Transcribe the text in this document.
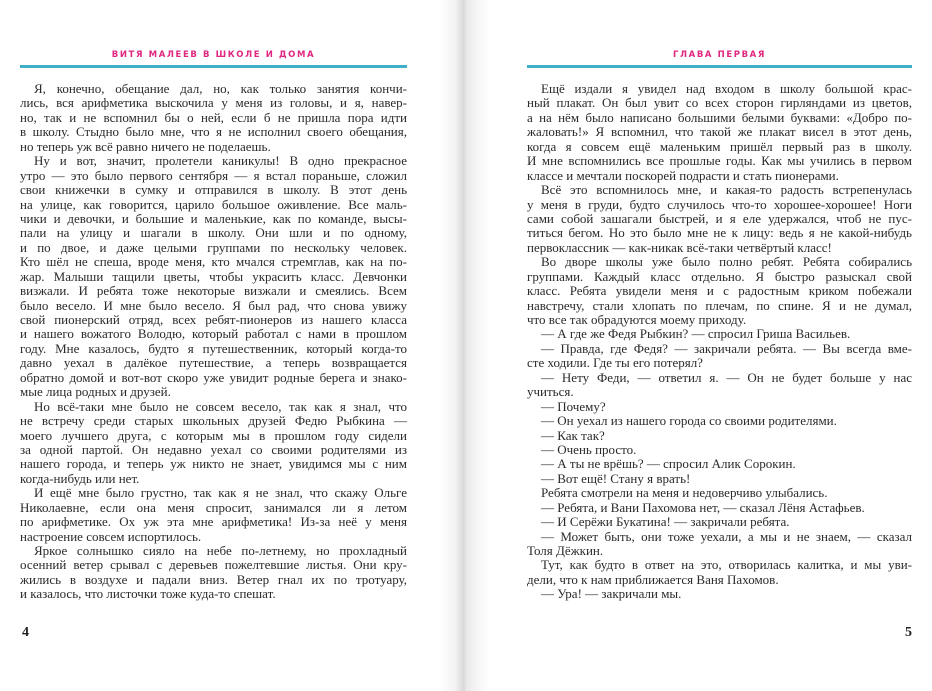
ВИТЯ МАЛЕЕВ В ШКОЛЕ И ДОМА
Я, конечно, обещание дал, но, как только занятия кончи-
лись, вся арифметика выскочила у меня из головы, и я, навер-
но, так и не вспомнил бы о ней, если б не пришла пора идти
в школу. Стыдно было мне, что я не исполнил своего обещания,
но теперь уж всё равно ничего не поделаешь.
Ну и вот, значит, пролетели каникулы! В одно прекрасное
утро — это было первого сентября — я встал пораньше, сложил
свои книжечки в сумку и отправился в школу. В этот день
на улице, как говорится, царило большое оживление. Все маль-
чики и девочки, и большие и маленькие, как по команде, высы-
пали на улицу и шагали в школу. Они шли и по одному,
и по двое, и даже целыми группами по нескольку человек.
Кто шёл не спеша, вроде меня, кто мчался стремглав, как на по-
жар. Малыши тащили цветы, чтобы украсить класс. Девчонки
визжали. И ребята тоже некоторые визжали и смеялись. Всем
было весело. И мне было весело. Я был рад, что снова увижу
свой пионерский отряд, всех ребят-пионеров из нашего класса
и нашего вожатого Володю, который работал с нами в прошлом
году. Мне казалось, будто я путешественник, который когда-то
давно уехал в далёкое путешествие, а теперь возвращается
обратно домой и вот-вот скоро уже увидит родные берега и знако-
мые лица родных и друзей.
Но всё-таки мне было не совсем весело, так как я знал, что
не встречу среди старых школьных друзей Федю Рыбкина —
моего лучшего друга, с которым мы в прошлом году сидели
за одной партой. Он недавно уехал со своими родителями из
нашего города, и теперь уж никто не знает, увидимся мы с ним
когда-нибудь или нет.
И ещё мне было грустно, так как я не знал, что скажу Ольге
Николаевне, если она меня спросит, занимался ли я летом
по арифметике. Ох уж эта мне арифметика! Из-за неё у меня
настроение совсем испортилось.
Яркое солнышко сияло на небе по-летнему, но прохладный
осенний ветер срывал с деревьев пожелтевшие листья. Они кру-
жились в воздухе и падали вниз. Ветер гнал их по тротуару,
и казалось, что листочки тоже куда-то спешат.
4
ГЛАВА ПЕРВАЯ
Ещё издали я увидел над входом в школу большой крас-
ный плакат. Он был увит со всех сторон гирляндами из цветов,
а на нём было написано большими белыми буквами: «Добро по-
жаловать!» Я вспомнил, что такой же плакат висел в этот день,
когда я совсем ещё маленьким пришёл первый раз в школу.
И мне вспомнились все прошлые годы. Как мы учились в первом
классе и мечтали поскорей подрасти и стать пионерами.
Всё это вспомнилось мне, и какая-то радость встрепенулась
у меня в груди, будто случилось что-то хорошее-хорошее! Ноги
сами собой зашагали быстрей, и я еле удержался, чтоб не пус-
титься бегом. Но это было мне не к лицу: ведь я не какой-нибудь
первоклассник — как-никак всё-таки четвёртый класс!
Во дворе школы уже было полно ребят. Ребята собирались
группами. Каждый класс отдельно. Я быстро разыскал свой
класс. Ребята увидели меня и с радостным криком побежали
навстречу, стали хлопать по плечам, по спине. Я и не думал,
что все так обрадуются моему приходу.
— А где же Федя Рыбкин? — спросил Гриша Васильев.
— Правда, где Федя? — закричали ребята. — Вы всегда вме-
сте ходили. Где ты его потерял?
— Нету Феди, — ответил я. — Он не будет больше у нас
учиться.
— Почему?
— Он уехал из нашего города со своими родителями.
— Как так?
— Очень просто.
— А ты не врёшь? — спросил Алик Сорокин.
— Вот ещё! Стану я врать!
Ребята смотрели на меня и недоверчиво улыбались.
— Ребята, и Вани Пахомова нет, — сказал Лёня Астафьев.
— И Серёжи Букатина! — закричали ребята.
— Может быть, они тоже уехали, а мы и не знаем, — сказал
Толя Дёжкин.
Тут, как будто в ответ на это, отворилась калитка, и мы уви-
дели, что к нам приближается Ваня Пахомов.
— Ура! — закричали мы.
5
